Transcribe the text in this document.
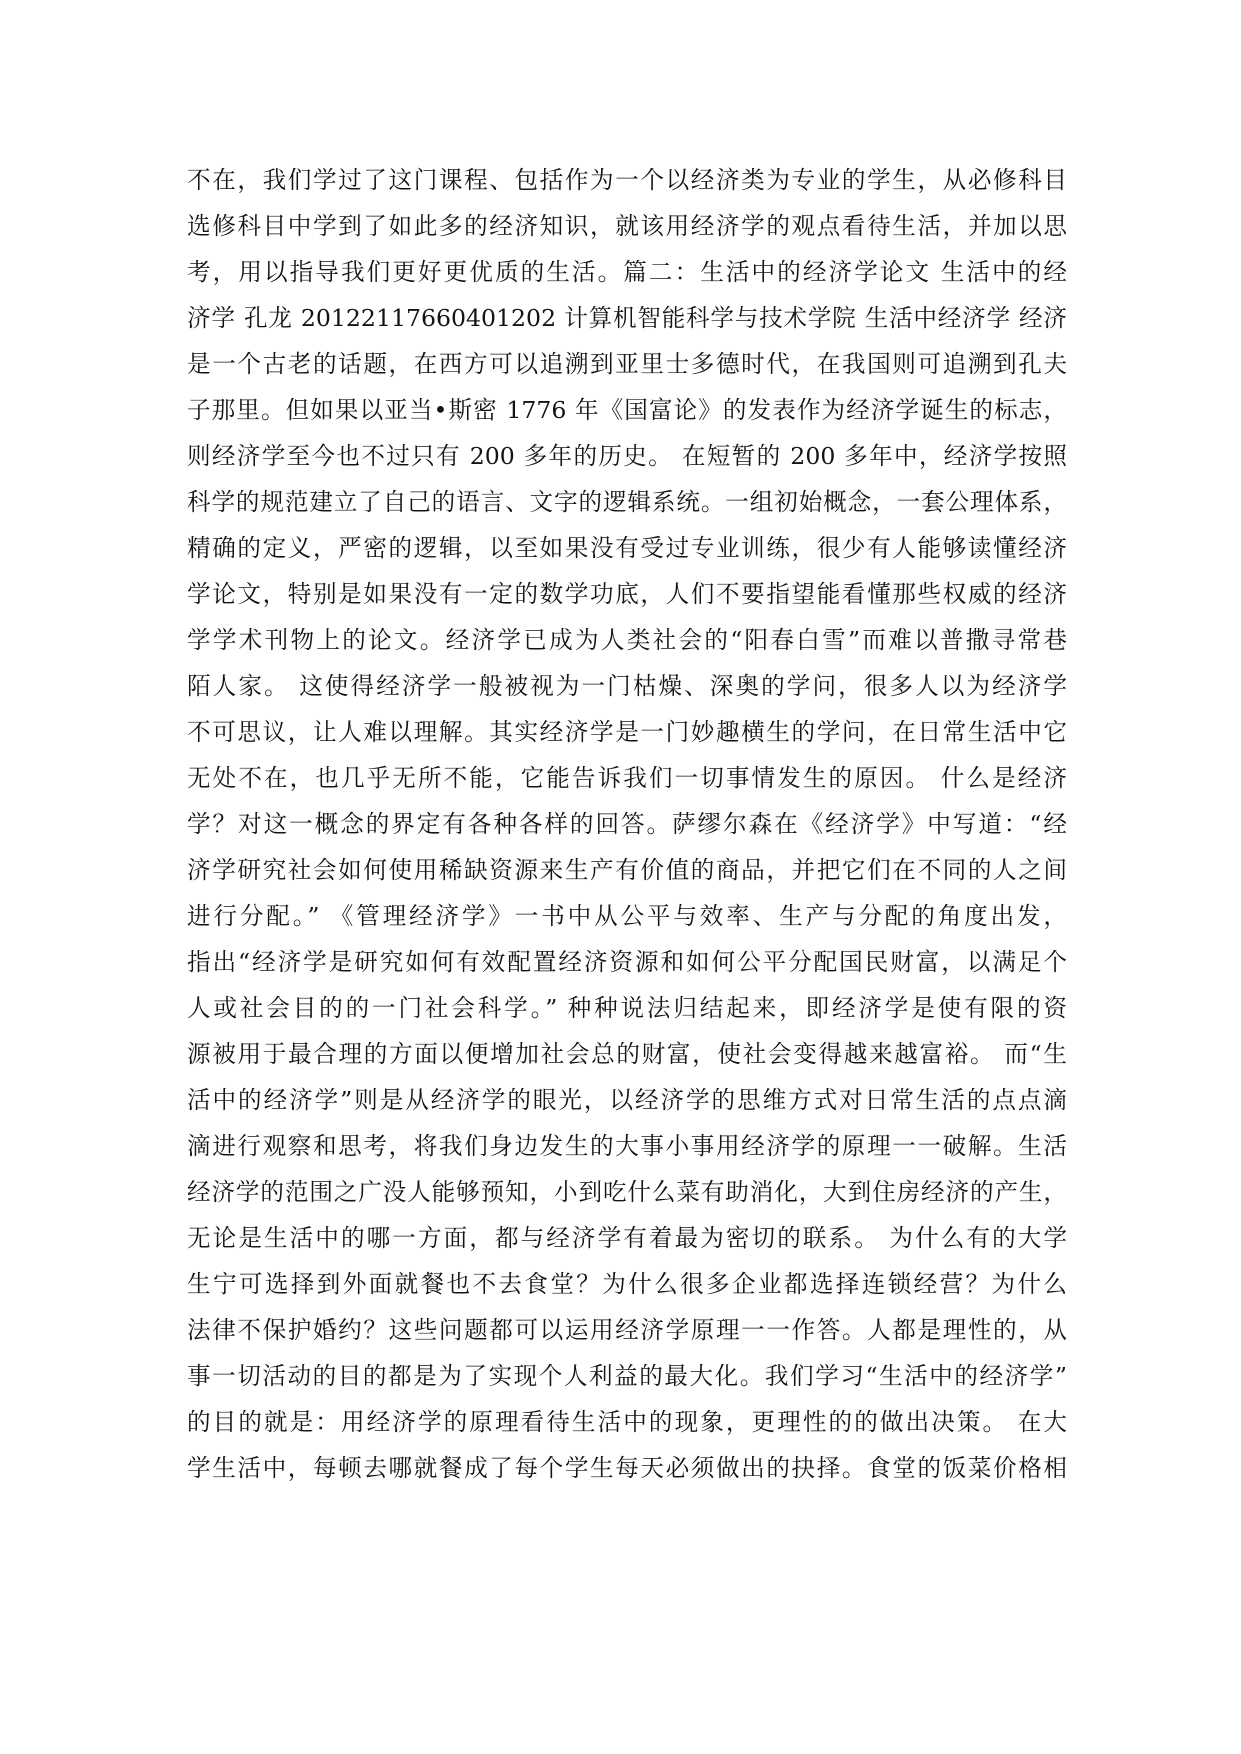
不在，我们学过了这门课程、包括作为一个以经济类为专业的学生，从必修科目
选修科目中学到了如此多的经济知识，就该用经济学的观点看待生活，并加以思
考，用以指导我们更好更优质的生活。篇二：生活中的经济学论文 生活中的经
济学 孔龙 20122117660401202 计算机智能科学与技术学院 生活中经济学 经济
是一个古老的话题，在西方可以追溯到亚里士多德时代，在我国则可追溯到孔夫
子那里。但如果以亚当•斯密 1776 年《国富论》的发表作为经济学诞生的标志，
则经济学至今也不过只有 200 多年的历史。 在短暂的 200 多年中，经济学按照
科学的规范建立了自己的语言、文字的逻辑系统。一组初始概念，一套公理体系，
精确的定义，严密的逻辑，以至如果没有受过专业训练，很少有人能够读懂经济
学论文，特别是如果没有一定的数学功底，人们不要指望能看懂那些权威的经济
学学术刊物上的论文。经济学已成为人类社会的“阳春白雪”而难以普撒寻常巷
陌人家。 这使得经济学一般被视为一门枯燥、深奥的学问，很多人以为经济学
不可思议，让人难以理解。其实经济学是一门妙趣横生的学问，在日常生活中它
无处不在，也几乎无所不能，它能告诉我们一切事情发生的原因。 什么是经济
学？对这一概念的界定有各种各样的回答。萨缪尔森在《经济学》中写道：“经
济学研究社会如何使用稀缺资源来生产有价值的商品，并把它们在不同的人之间
进行分配。” 《管理经济学》一书中从公平与效率、生产与分配的角度出发，
指出“经济学是研究如何有效配置经济资源和如何公平分配国民财富，以满足个
人或社会目的的一门社会科学。” 种种说法归结起来，即经济学是使有限的资
源被用于最合理的方面以便增加社会总的财富，使社会变得越来越富裕。 而“生
活中的经济学”则是从经济学的眼光，以经济学的思维方式对日常生活的点点滴
滴进行观察和思考，将我们身边发生的大事小事用经济学的原理一一破解。生活
经济学的范围之广没人能够预知，小到吃什么菜有助消化，大到住房经济的产生，
无论是生活中的哪一方面，都与经济学有着最为密切的联系。 为什么有的大学
生宁可选择到外面就餐也不去食堂？为什么很多企业都选择连锁经营？为什么
法律不保护婚约？这些问题都可以运用经济学原理一一作答。人都是理性的，从
事一切活动的目的都是为了实现个人利益的最大化。我们学习“生活中的经济学”
的目的就是：用经济学的原理看待生活中的现象，更理性的的做出决策。 在大
学生活中，每顿去哪就餐成了每个学生每天必须做出的抉择。食堂的饭菜价格相
